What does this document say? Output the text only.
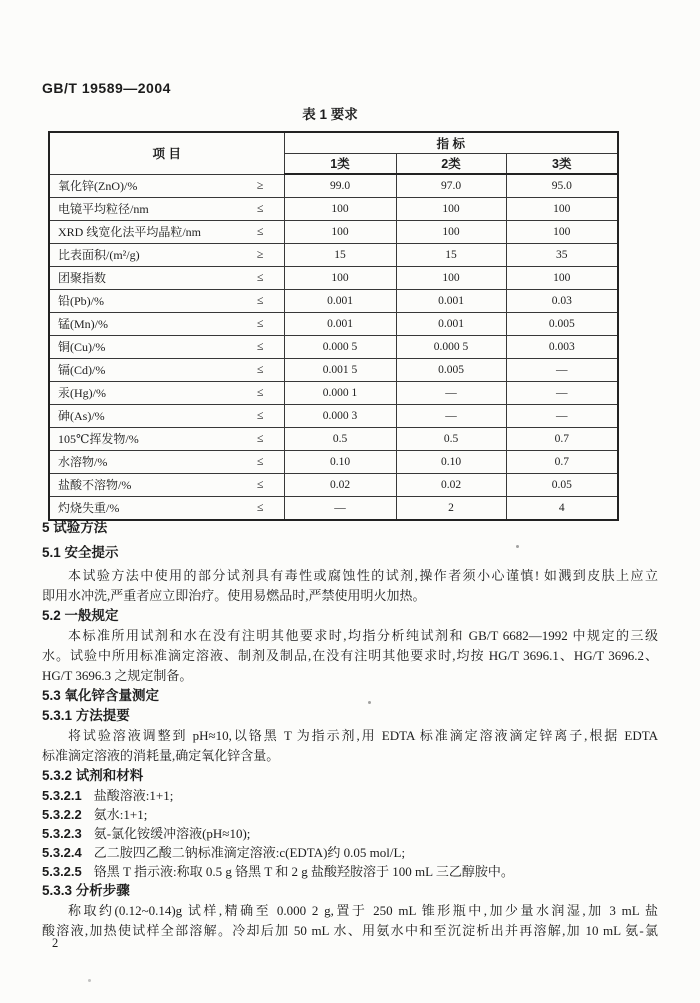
GB/T 19589—2004
表 1 要求
项 目	指 标		
	1类	2类	3类

氧化锌(ZnO)/% ≥	99.0	97.0	95.0

电镜平均粒径/nm ≤	100	100	100

XRD 线宽化法平均晶粒/nm ≤	100	100	100

比表面积/(m²/g) ≥	15	15	35

团聚指数 ≤	100	100	100

铅(Pb)/% ≤	0.001	0.001	0.03

锰(Mn)/% ≤	0.001	0.001	0.005

铜(Cu)/% ≤	0.000 5	0.000 5	0.003

镉(Cd)/% ≤	0.001 5	0.005	—

汞(Hg)/% ≤	0.000 1	—	—

砷(As)/% ≤	0.000 3	—	—

105℃挥发物/% ≤	0.5	0.5	0.7

水溶物/% ≤	0.10	0.10	0.7

盐酸不溶物/% ≤	0.02	0.02	0.05

灼烧失重/% ≤	—	2	4
5 试验方法
5.1 安全提示
本试验方法中使用的部分试剂具有毒性或腐蚀性的试剂,操作者须小心谨慎! 如溅到皮肤上应立
即用水冲洗,严重者应立即治疗。使用易燃品时,严禁使用明火加热。
5.2 一般规定
本标准所用试剂和水在没有注明其他要求时,均指分析纯试剂和 GB/T 6682—1992 中规定的三级
水。试验中所用标准滴定溶液、制剂及制品,在没有注明其他要求时,均按 HG/T 3696.1、HG/T 3696.2、
HG/T 3696.3 之规定制备。
5.3 氧化锌含量测定
5.3.1 方法提要
将试验溶液调整到 pH≈10,以铬黑 T 为指示剂,用 EDTA 标准滴定溶液滴定锌离子,根据 EDTA
标准滴定溶液的消耗量,确定氧化锌含量。
5.3.2 试剂和材料
5.3.2.1 盐酸溶液:1+1;
5.3.2.2 氨水:1+1;
5.3.2.3 氨-氯化铵缓冲溶液(pH≈10);
5.3.2.4 乙二胺四乙酸二钠标准滴定溶液:c(EDTA)约 0.05 mol/L;
5.3.2.5 铬黑 T 指示液:称取 0.5 g 铬黑 T 和 2 g 盐酸羟胺溶于 100 mL 三乙醇胺中。
5.3.3 分析步骤
称取约(0.12~0.14)g 试样,精确至 0.000 2 g,置于 250 mL 锥形瓶中,加少量水润湿,加 3 mL 盐
酸溶液,加热使试样全部溶解。冷却后加 50 mL 水、用氨水中和至沉淀析出并再溶解,加 10 mL 氨-氯
2
